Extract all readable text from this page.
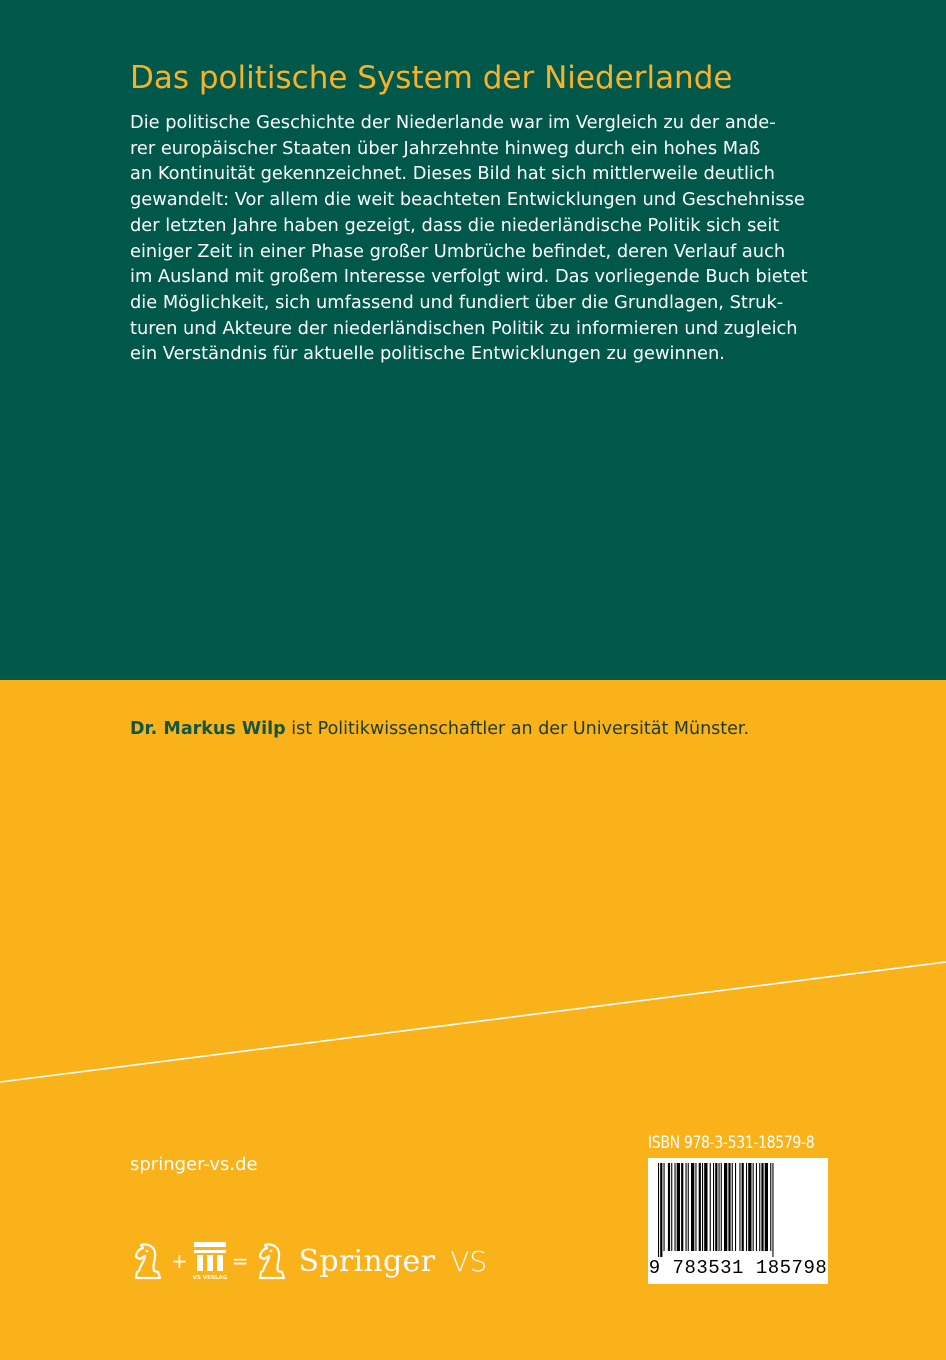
Das politische System der Niederlande
Die politische Geschichte der Niederlande war im Vergleich zu der ande-
rer europäischer Staaten über Jahrzehnte hinweg durch ein hohes Maß
an Kontinuität gekennzeichnet. Dieses Bild hat sich mittlerweile deutlich
gewandelt: Vor allem die weit beachteten Entwicklungen und Geschehnisse
der letzten Jahre haben gezeigt, dass die niederländische Politik sich seit
einiger Zeit in einer Phase großer Umbrüche befindet, deren Verlauf auch
im Ausland mit großem Interesse verfolgt wird. Das vorliegende Buch bietet
die Möglichkeit, sich umfassend und fundiert über die Grundlagen, Struk-
turen und Akteure der niederländischen Politik zu informieren und zugleich
ein Verständnis für aktuelle politische Entwicklungen zu gewinnen.

Dr. Markus Wilp ist Politikwissenschaftler an der Universität Münster.

springer-vs.de
+
VS VERLAG
= Springer VS
ISBN 978-3-531-18579-8
9 783531 185798
